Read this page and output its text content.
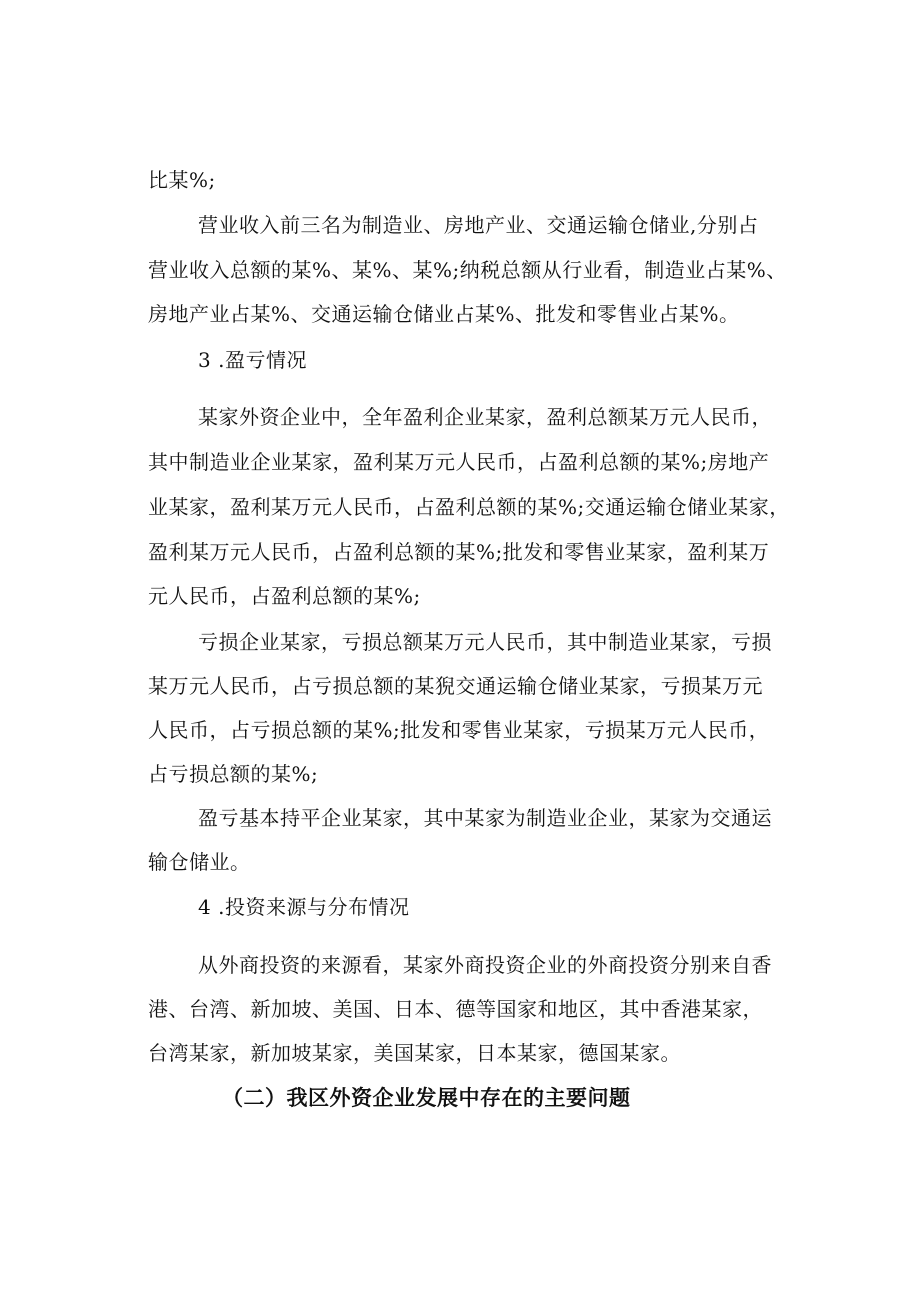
比某%;
营业收入前三名为制造业、房地产业、交通运输仓储业,分别占
营业收入总额的某%、某%、某%;纳税总额从行业看，制造业占某%、
房地产业占某%、交通运输仓储业占某%、批发和零售业占某%。
3 .盈亏情况
某家外资企业中，全年盈利企业某家，盈利总额某万元人民币，
其中制造业企业某家，盈利某万元人民币，占盈利总额的某%;房地产
业某家，盈利某万元人民币，占盈利总额的某%;交通运输仓储业某家，
盈利某万元人民币，占盈利总额的某%;批发和零售业某家，盈利某万
元人民币，占盈利总额的某%;
亏损企业某家，亏损总额某万元人民币，其中制造业某家，亏损
某万元人民币，占亏损总额的某猊交通运输仓储业某家，亏损某万元
人民币，占亏损总额的某%;批发和零售业某家，亏损某万元人民币，
占亏损总额的某%;
盈亏基本持平企业某家，其中某家为制造业企业，某家为交通运
输仓储业。
4 .投资来源与分布情况
从外商投资的来源看，某家外商投资企业的外商投资分别来自香
港、台湾、新加坡、美国、日本、德等国家和地区，其中香港某家，
台湾某家，新加坡某家，美国某家，日本某家，德国某家。
（二）我区外资企业发展中存在的主要问题
